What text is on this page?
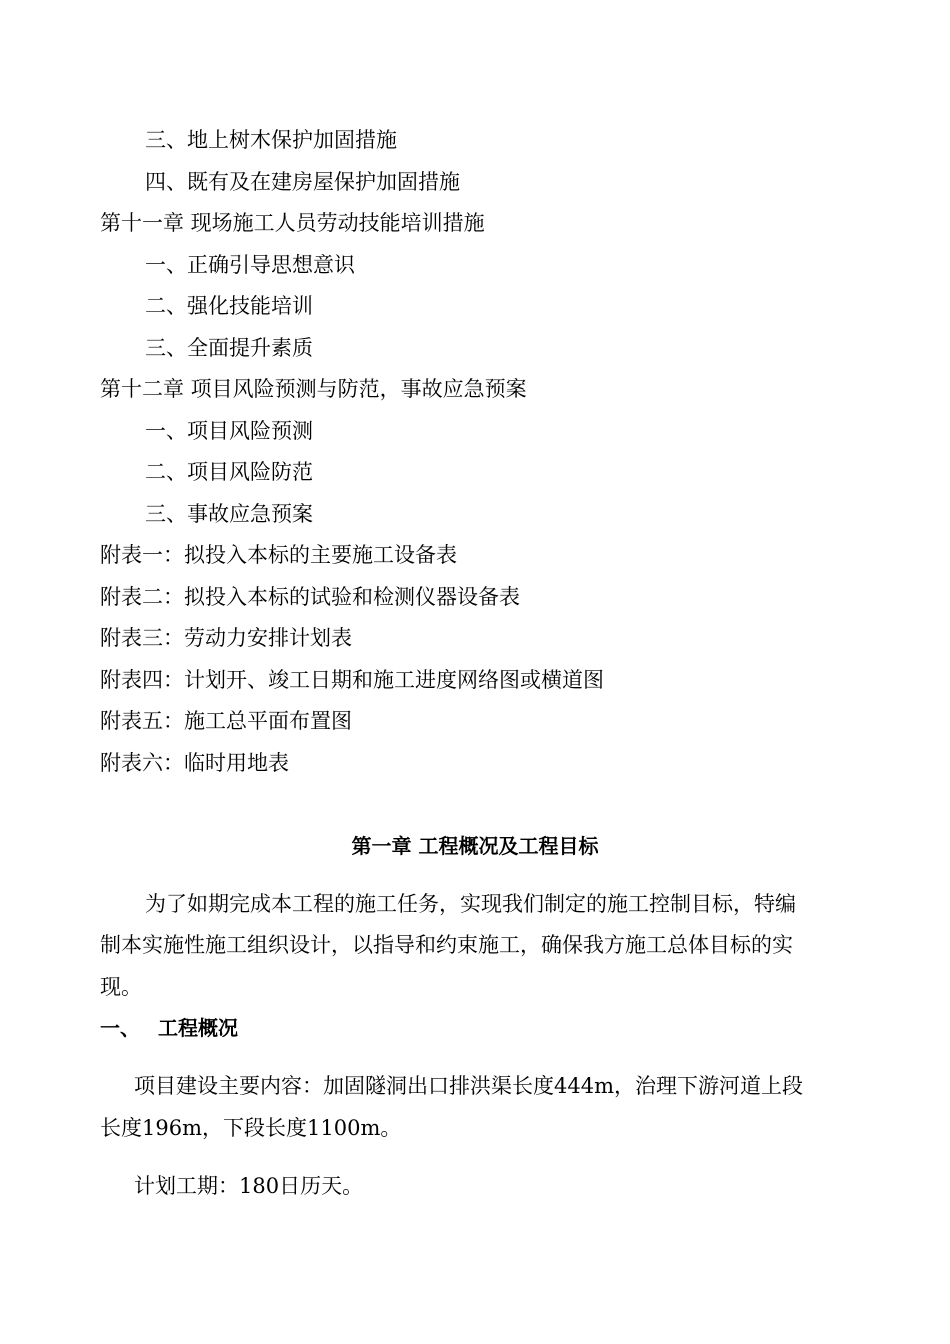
三、地上树木保护加固措施
四、既有及在建房屋保护加固措施
第十一章 现场施工人员劳动技能培训措施
一、正确引导思想意识
二、强化技能培训
三、全面提升素质
第十二章 项目风险预测与防范，事故应急预案
一、项目风险预测
二、项目风险防范
三、事故应急预案
附表一：拟投入本标的主要施工设备表
附表二：拟投入本标的试验和检测仪器设备表
附表三：劳动力安排计划表
附表四：计划开、竣工日期和施工进度网络图或横道图
附表五：施工总平面布置图
附表六：临时用地表
第一章 工程概况及工程目标
为了如期完成本工程的施工任务，实现我们制定的施工控制目标，特编
制本实施性施工组织设计，以指导和约束施工，确保我方施工总体目标的实
现。
一、 工程概况
项目建设主要内容：加固隧洞出口排洪渠长度444m，治理下游河道上段
长度196m，下段长度1100m。
计划工期：180日历天。
